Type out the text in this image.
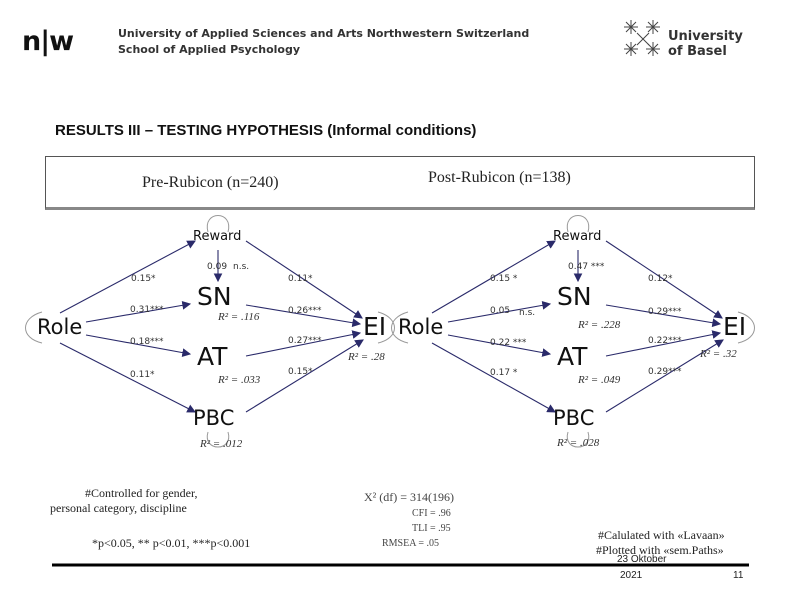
n|w	University of Applied Sciences and Arts Northwestern Switzerland
School of Applied Psychology
University
of Basel
RESULTS III – TESTING HYPOTHESIS (Informal conditions)
Pre-Rubicon (n=240)	Post-Rubicon (n=138)
Reward
SN
AT
PBC
Role	EI
0.09 n.s.
0.15*
0.31***
0.18***
0.11*
0.11*
0.26***
0.27***
0.15*
R² = .116
R² = .033
R² = .012
R² = .28
Reward
SN
AT
PBC
Role	EI
0.47 ***
0.15 *
0.05 n.s.
0.22 ***
0.17 *
0.12*
0.29***
0.22***
0.29***
R² = .228
R² = .049
R² = .028
R² = .32
#Controlled for gender,
personal category, discipline
*p<0.05, ** p<0.01, ***p<0.001
Χ² (df) = 314(196)
CFI = .96
TLI = .95
RMSEA = .05
#Calulated with «Lavaan»
#Plotted with «sem.Paths»
23 Oktober
2021	11
